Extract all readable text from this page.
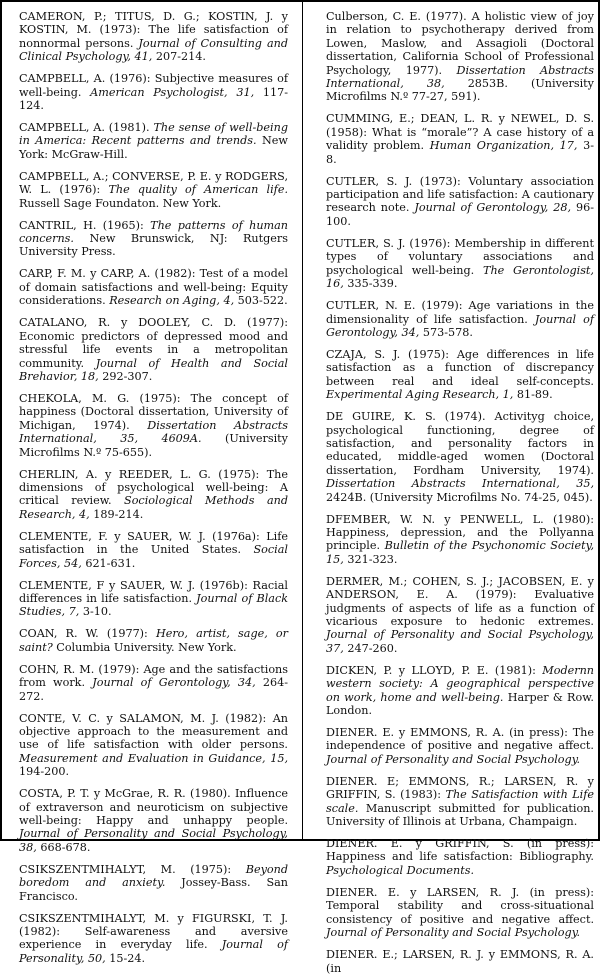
CAMERON, P.; TITUS, D. G.; KOSTIN, J. y KOSTIN, M. (1973): The life satisfaction of nonnormal persons. Journal of Consulting and Clinical Psychology, 41, 207-214.

CAMPBELL, A. (1976): Subjective measures of well-being. American Psychologist, 31, 117-124.

CAMPBELL, A. (1981). The sense of well-being in America: Recent patterns and trends. New York: McGraw-Hill.

CAMPBELL, A.; CONVERSE, P. E. y RODGERS, W. L. (1976): The quality of American life. Russell Sage Foundaton. New York.

CANTRIL, H. (1965): The patterns of human concerns. New Brunswick, NJ: Rutgers University Press.

CARP, F. M. y CARP, A. (1982): Test of a model of domain satisfactions and well-being: Equity considerations. Research on Aging, 4, 503-522.

CATALANO, R. y DOOLEY, C. D. (1977): Economic predictors of depressed mood and stressful life events in a metropolitan community. Journal of Health and Social Brehavior, 18, 292-307.

CHEKOLA, M. G. (1975): The concept of happiness (Doctoral dissertation, University of Michigan, 1974). Dissertation Abstracts International, 35, 4609A. (University Microfilms N.º 75-655).

CHERLIN, A. y REEDER, L. G. (1975): The dimensions of psychological well-being: A critical review. Sociological Methods and Research, 4, 189-214.

CLEMENTE, F. y SAUER, W. J. (1976a): Life satisfaction in the United States. Social Forces, 54, 621-631.

CLEMENTE, F y SAUER, W. J. (1976b): Racial differences in life satisfaction. Journal of Black Studies, 7, 3-10.

COAN, R. W. (1977): Hero, artist, sage, or saint? Columbia University. New York.

COHN, R. M. (1979): Age and the satisfactions from work. Journal of Gerontology, 34, 264-272.

CONTE, V. C. y SALAMON, M. J. (1982): An objective approach to the measurement and use of life satisfaction with older persons. Measurement and Evaluation in Guidance, 15, 194-200.

COSTA, P. T. y McGrae, R. R. (1980). Influence of extraverson and neuroticism on subjective well-being: Happy and unhappy people. Journal of Personality and Social Psychology, 38, 668-678.

CSIKSZENTMIHALYT, M. (1975): Beyond boredom and anxiety. Jossey-Bass. San Francisco.

CSIKSZENTMIHALYT, M. y FIGURSKI, T. J. (1982): Self-awareness and aversive experience in everyday life. Journal of Personality, 50, 15-24.

Culberson, C. E. (1977). A holistic view of joy in relation to psychotherapy derived from Lowen, Maslow, and Assagioli (Doctoral dissertation, California School of Professional Psychology, 1977). Dissertation Abstracts International, 38, 2853B. (University Microfilms N.º 77-27, 591).

CUMMING, E.; DEAN, L. R. y NEWEL, D. S. (1958): What is “morale”? A case history of a validity problem. Human Organization, 17, 3-8.

CUTLER, S. J. (1973): Voluntary association participation and life satisfaction: A cautionary research note. Journal of Gerontology, 28, 96-100.

CUTLER, S. J. (1976): Membership in different types of voluntary associations and psychological well-being. The Gerontologist, 16, 335-339.

CUTLER, N. E. (1979): Age variations in the dimensionality of life satisfaction. Journal of Gerontology, 34, 573-578.

CZAJA, S. J. (1975): Age differences in life satisfaction as a function of discrepancy between real and ideal self-concepts. Experimental Aging Research, 1, 81-89.

DE GUIRE, K. S. (1974). Activityg choice, psychological functioning, degree of satisfaction, and personality factors in educated, middle-aged women (Doctoral dissertation, Fordham University, 1974). Dissertation Abstracts International, 35, 2424B. (University Microfilms No. 74-25, 045).

DFEMBER, W. N. y PENWELL, L. (1980): Happiness, depression, and the Pollyanna principle. Bulletin of the Psychonomic Society, 15, 321-323.

DERMER, M.; COHEN, S. J.; JACOBSEN, E. y ANDERSON, E. A. (1979): Evaluative judgments of aspects of life as a function of vicarious exposure to hedonic extremes. Journal of Personality and Social Psychology, 37, 247-260.

DICKEN, P. y LLOYD, P. E. (1981): Modernn western society: A geographical perspective on work, home and well-being. Harper & Row. London.

DIENER. E. y EMMONS, R. A. (in press): The independence of positive and negative affect. Journal of Personality and Social Psychology.

DIENER. E; EMMONS, R.; LARSEN, R. y GRIFFIN, S. (1983): The Satisfaction with Life scale. Manuscript submitted for publication. University of Illinois at Urbana, Champaign.

DIENER. E. y GRIFFIN, S. (in press): Happiness and life satisfaction: Bibliography. Psychological Documents.

DIENER. E. y LARSEN, R. J. (in press): Temporal stability and cross-situational consistency of positive and negative affect. Journal of Personality and Social Psychology.

DIENER. E.; LARSEN, R. J. y EMMONS, R. A. (in
